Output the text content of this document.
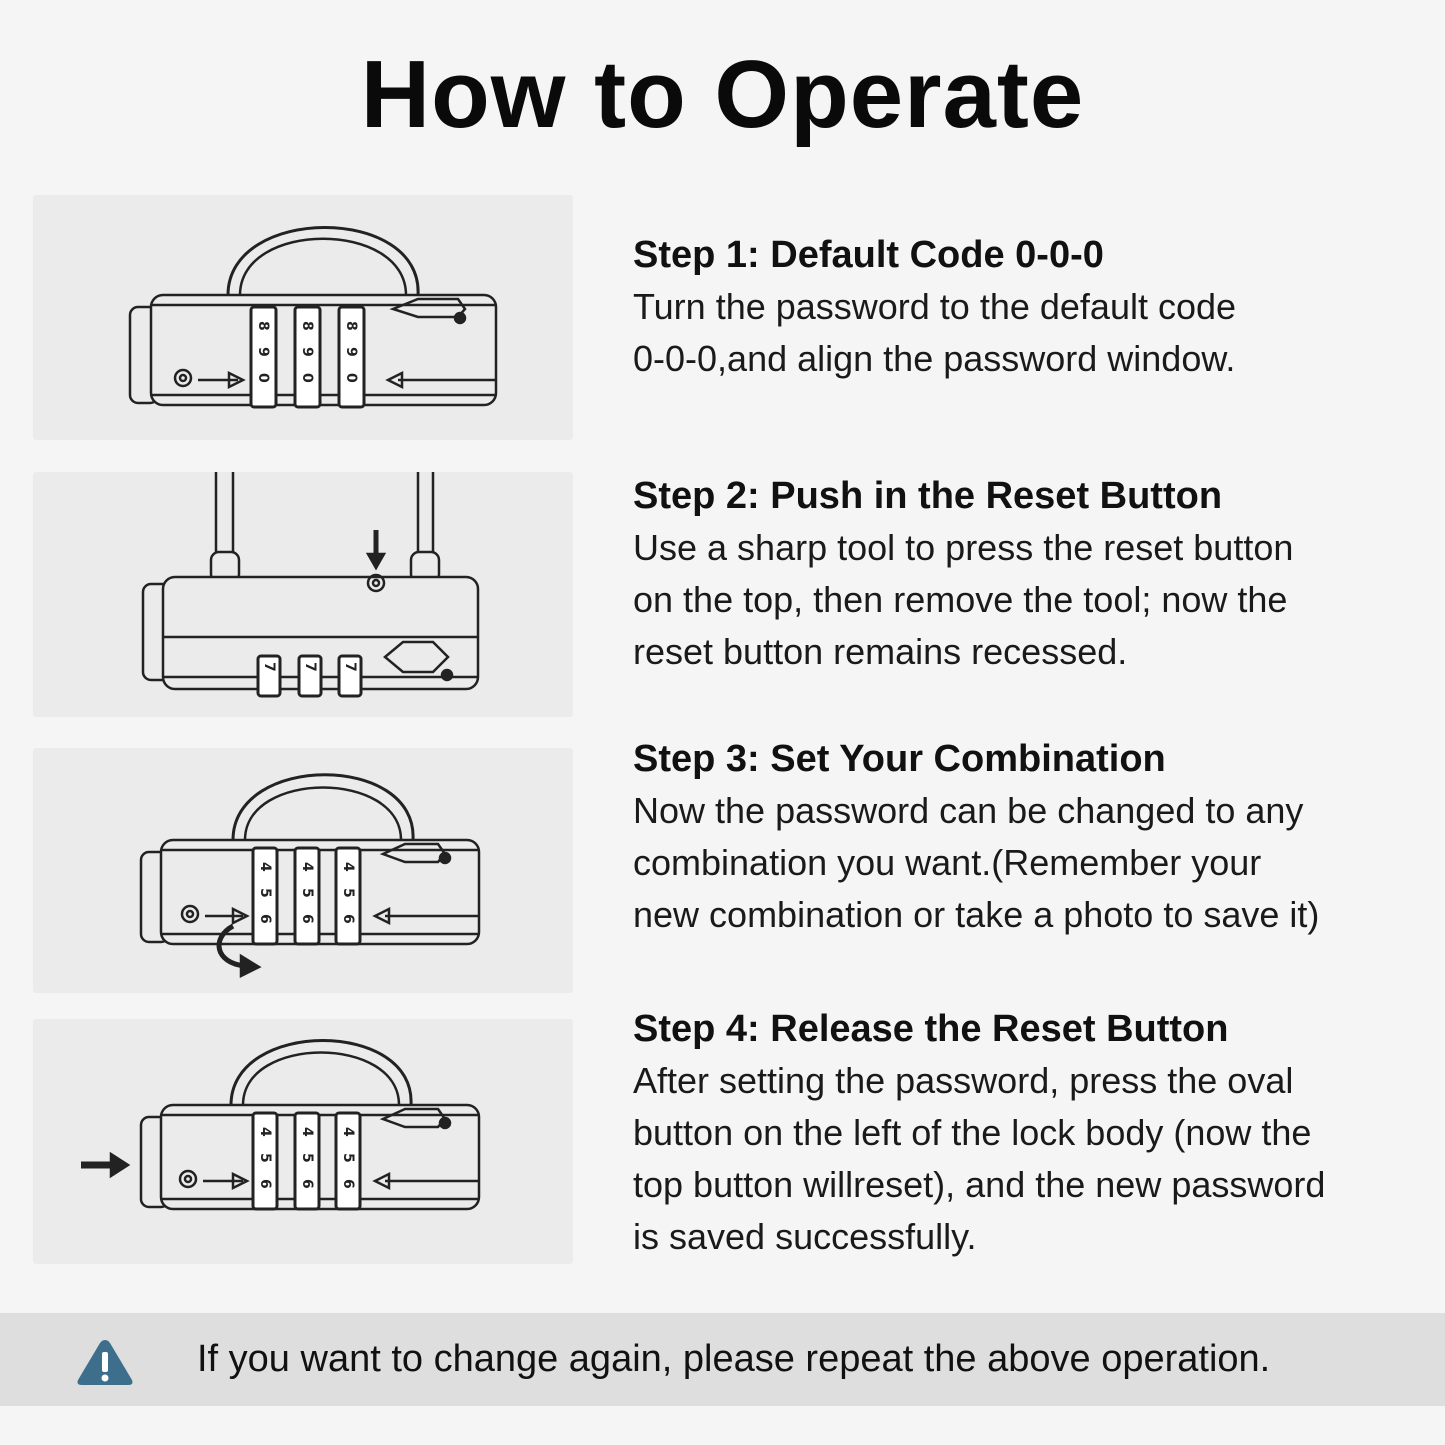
How to Operate
8
9
0
8
9
0
8
9
0
7 7 7
4
5
6
4
5
6
4
5
6
4
5
6
4
5
6
4
5
6
Step 1: Default Code 0-0-0
Turn the password to the default code
0-0-0,and align the password window.
Step 2: Push in the Reset Button
Use a sharp tool to press the reset button
on the top, then remove the tool; now the
reset button remains recessed.
Step 3: Set Your Combination
Now the password can be changed to any
combination you want.(Remember your
new combination or take a photo to save it)
Step 4: Release the Reset Button
After setting the password, press the oval
button on the left of the lock body (now the
top button willreset), and the new password
is saved successfully.
If you want to change again, please repeat the above operation.
